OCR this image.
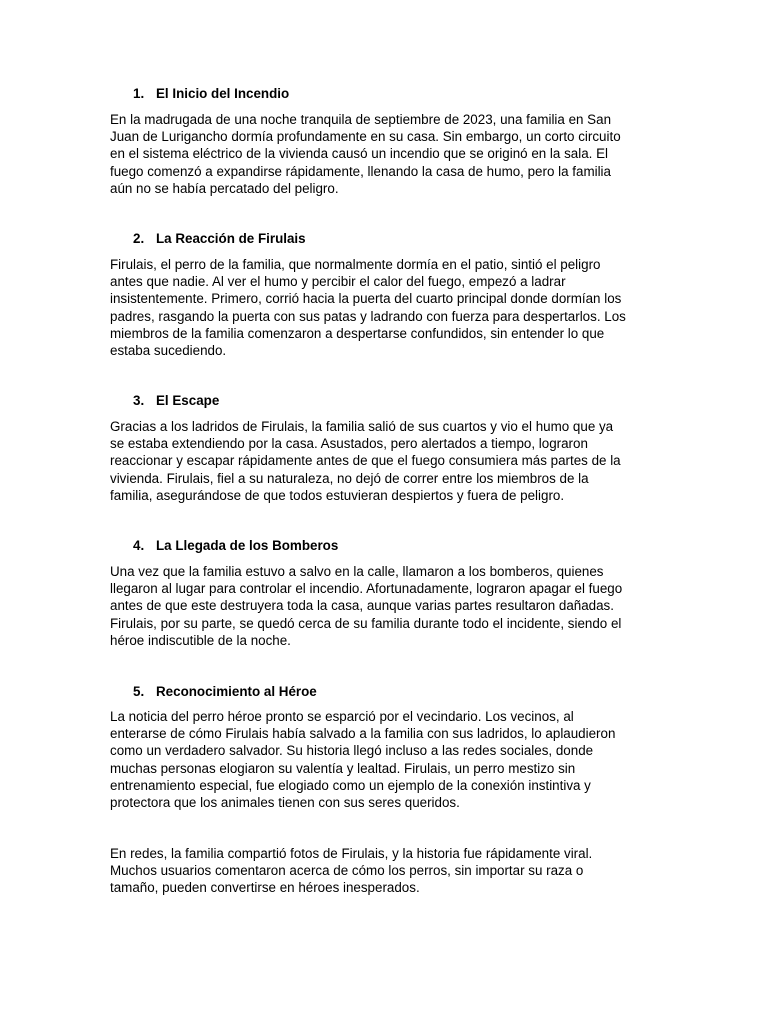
1. El Inicio del Incendio

En la madrugada de una noche tranquila de septiembre de 2023, una familia en San
Juan de Lurigancho dormía profundamente en su casa. Sin embargo, un corto circuito
en el sistema eléctrico de la vivienda causó un incendio que se originó en la sala. El
fuego comenzó a expandirse rápidamente, llenando la casa de humo, pero la familia
aún no se había percatado del peligro.

2. La Reacción de Firulais

Firulais, el perro de la familia, que normalmente dormía en el patio, sintió el peligro
antes que nadie. Al ver el humo y percibir el calor del fuego, empezó a ladrar
insistentemente. Primero, corrió hacia la puerta del cuarto principal donde dormían los
padres, rasgando la puerta con sus patas y ladrando con fuerza para despertarlos. Los
miembros de la familia comenzaron a despertarse confundidos, sin entender lo que
estaba sucediendo.

3. El Escape

Gracias a los ladridos de Firulais, la familia salió de sus cuartos y vio el humo que ya
se estaba extendiendo por la casa. Asustados, pero alertados a tiempo, lograron
reaccionar y escapar rápidamente antes de que el fuego consumiera más partes de la
vivienda. Firulais, fiel a su naturaleza, no dejó de correr entre los miembros de la
familia, asegurándose de que todos estuvieran despiertos y fuera de peligro.

4. La Llegada de los Bomberos

Una vez que la familia estuvo a salvo en la calle, llamaron a los bomberos, quienes
llegaron al lugar para controlar el incendio. Afortunadamente, lograron apagar el fuego
antes de que este destruyera toda la casa, aunque varias partes resultaron dañadas.
Firulais, por su parte, se quedó cerca de su familia durante todo el incidente, siendo el
héroe indiscutible de la noche.

5. Reconocimiento al Héroe

La noticia del perro héroe pronto se esparció por el vecindario. Los vecinos, al
enterarse de cómo Firulais había salvado a la familia con sus ladridos, lo aplaudieron
como un verdadero salvador. Su historia llegó incluso a las redes sociales, donde
muchas personas elogiaron su valentía y lealtad. Firulais, un perro mestizo sin
entrenamiento especial, fue elogiado como un ejemplo de la conexión instintiva y
protectora que los animales tienen con sus seres queridos.

En redes, la familia compartió fotos de Firulais, y la historia fue rápidamente viral.
Muchos usuarios comentaron acerca de cómo los perros, sin importar su raza o
tamaño, pueden convertirse en héroes inesperados.
